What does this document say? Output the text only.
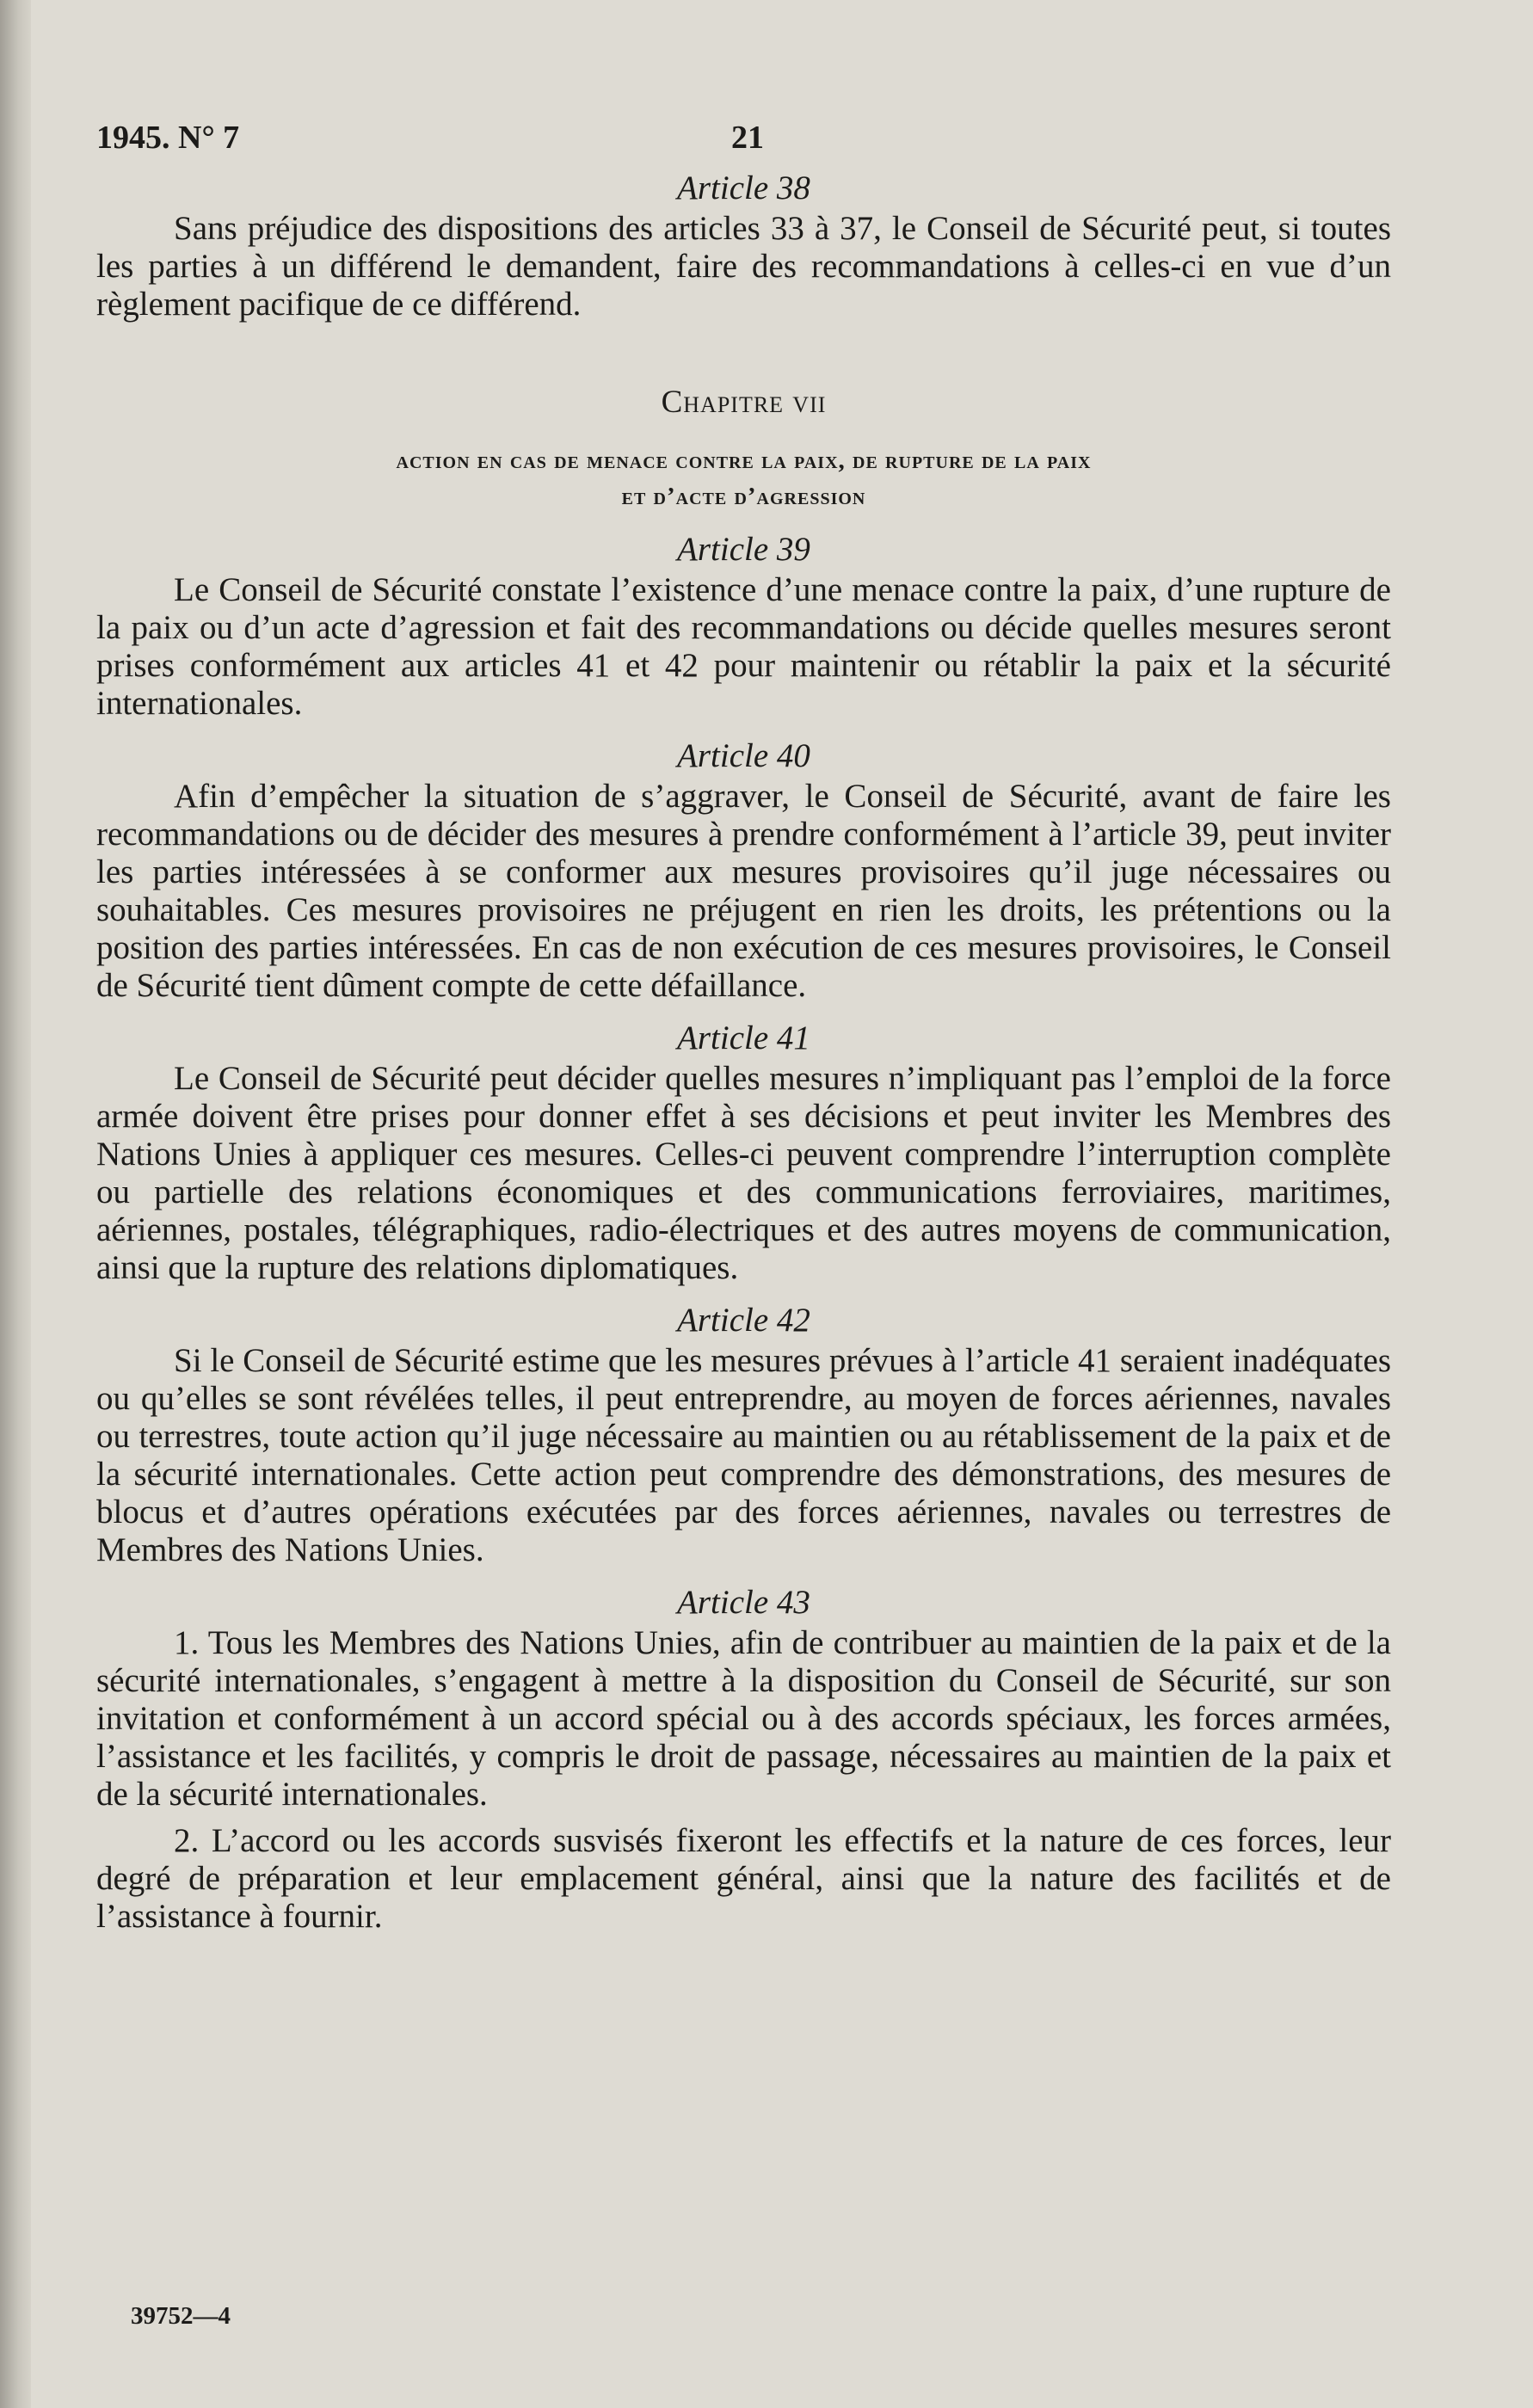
1945. N° 7	21

Article 38

Sans préjudice des dispositions des articles 33 à 37, le Conseil de Sécurité peut, si toutes les parties à un différend le demandent, faire des recommandations à celles-ci en vue d’un règlement pacifique de ce différend.

Chapitre vii

action en cas de menace contre la paix, de rupture de la paix

et d’acte d’agression

Article 39

Le Conseil de Sécurité constate l’existence d’une menace contre la paix, d’une rupture de la paix ou d’un acte d’agression et fait des recommandations ou décide quelles mesures seront prises conformément aux articles 41 et 42 pour maintenir ou rétablir la paix et la sécurité internationales.

Article 40

Afin d’empêcher la situation de s’aggraver, le Conseil de Sécurité, avant de faire les recommandations ou de décider des mesures à prendre conformément à l’article 39, peut inviter les parties intéressées à se conformer aux mesures provisoires qu’il juge nécessaires ou souhaitables. Ces mesures provisoires ne préjugent en rien les droits, les prétentions ou la position des parties intéressées. En cas de non exécution de ces mesures provisoires, le Conseil de Sécurité tient dûment compte de cette défaillance.

Article 41

Le Conseil de Sécurité peut décider quelles mesures n’impliquant pas l’emploi de la force armée doivent être prises pour donner effet à ses décisions et peut inviter les Membres des Nations Unies à appliquer ces mesures. Celles-ci peuvent comprendre l’interruption complète ou partielle des relations économiques et des communications ferroviaires, maritimes, aériennes, postales, télégraphiques, radio-électriques et des autres moyens de communication, ainsi que la rupture des relations diplomatiques.

Article 42

Si le Conseil de Sécurité estime que les mesures prévues à l’article 41 seraient inadéquates ou qu’elles se sont révélées telles, il peut entreprendre, au moyen de forces aériennes, navales ou terrestres, toute action qu’il juge nécessaire au maintien ou au rétablissement de la paix et de la sécurité internationales. Cette action peut comprendre des démonstrations, des mesures de blocus et d’autres opérations exécutées par des forces aériennes, navales ou terrestres de Membres des Nations Unies.

Article 43

1. Tous les Membres des Nations Unies, afin de contribuer au maintien de la paix et de la sécurité internationales, s’engagent à mettre à la disposition du Conseil de Sécurité, sur son invitation et conformément à un accord spécial ou à des accords spéciaux, les forces armées, l’assistance et les facilités, y compris le droit de passage, nécessaires au maintien de la paix et de la sécurité internationales.

2. L’accord ou les accords susvisés fixeront les effectifs et la nature de ces forces, leur degré de préparation et leur emplacement général, ainsi que la nature des facilités et de l’assistance à fournir.

39752—4
